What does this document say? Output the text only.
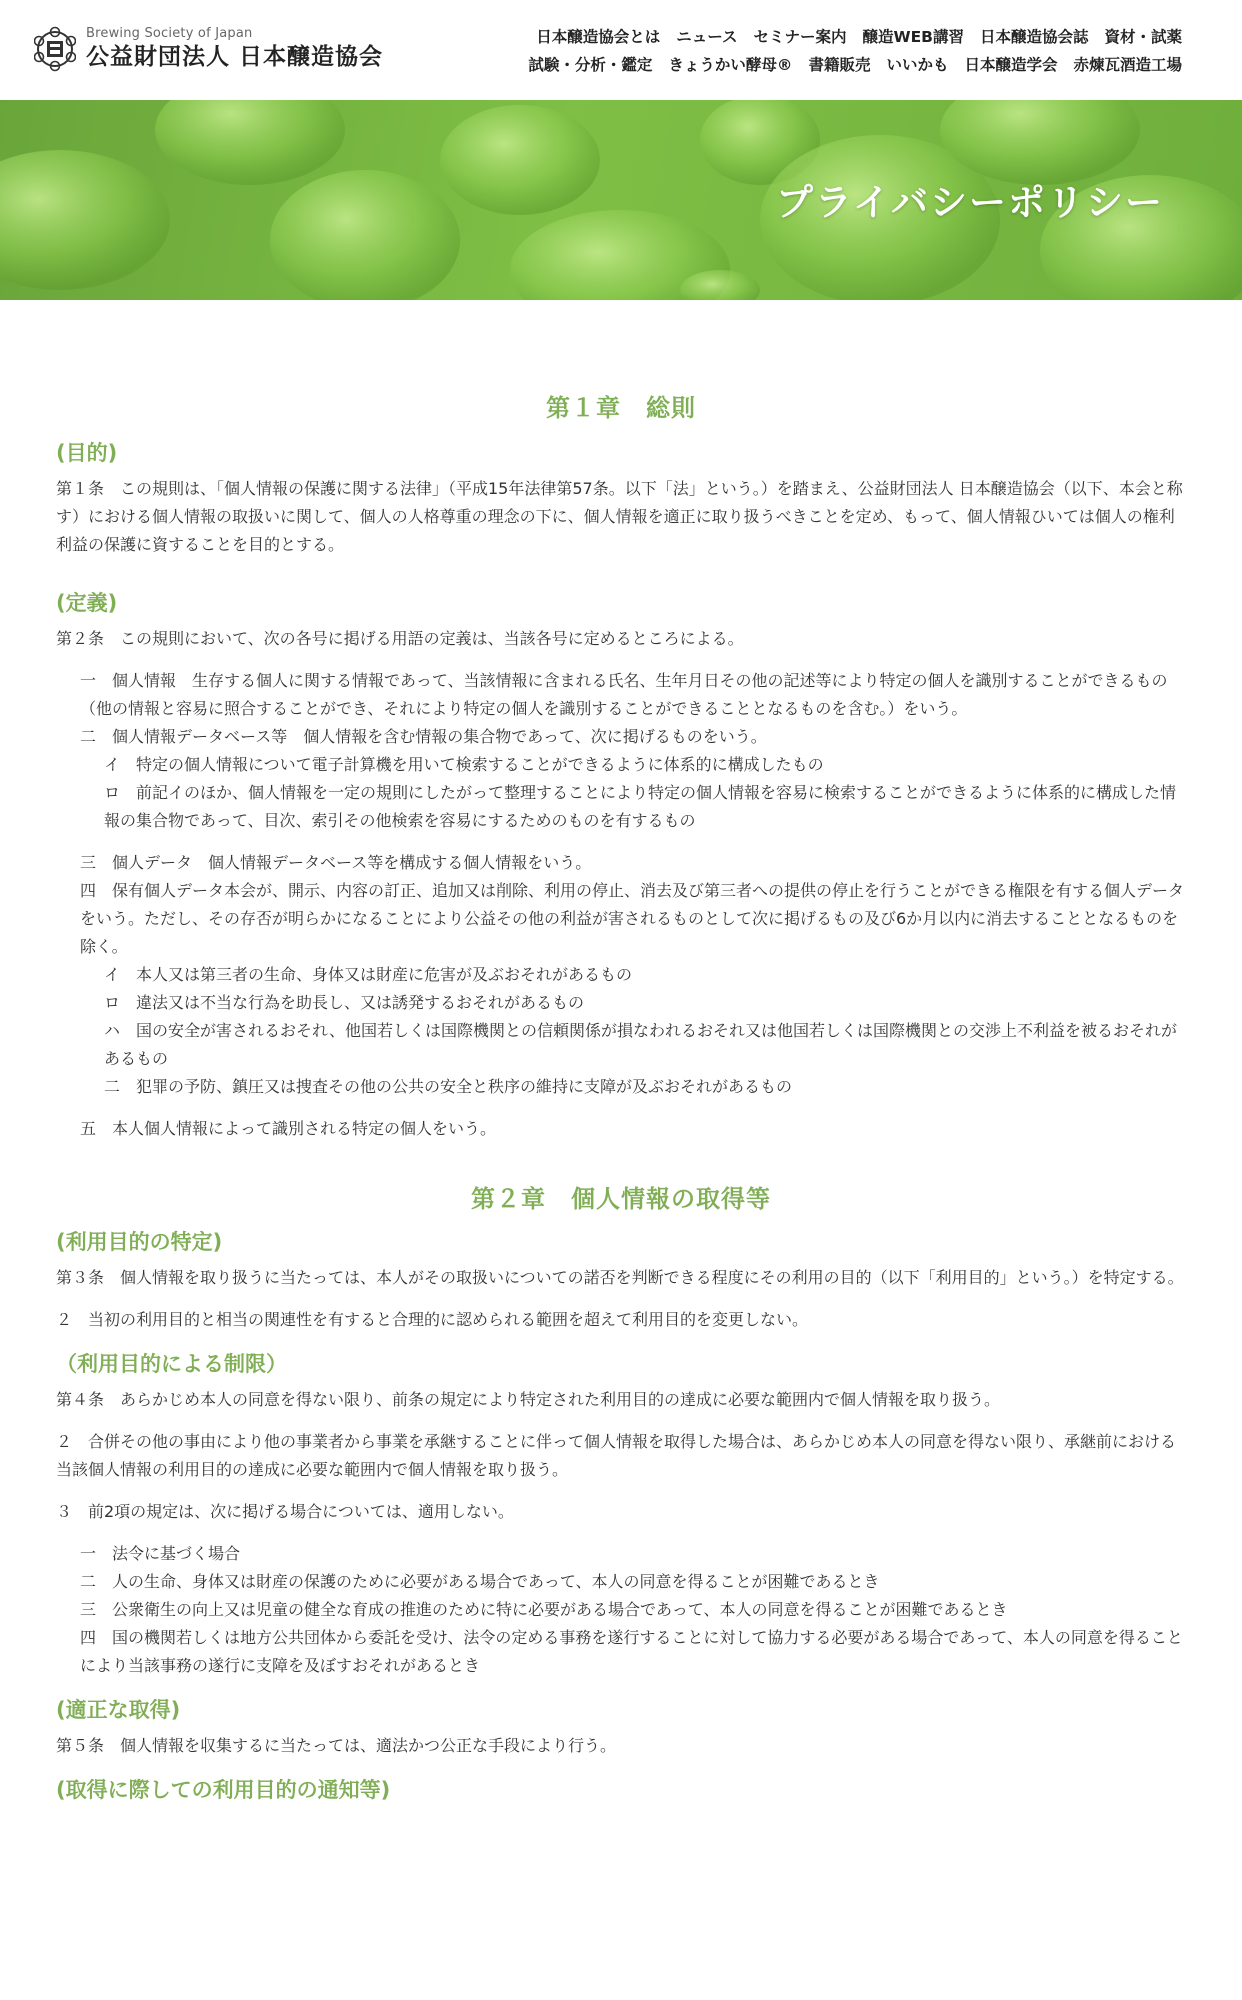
Brewing Society of Japan
公益財団法人 日本醸造協会
日本醸造協会とは ニュース セミナー案内 醸造WEB講習 日本醸造協会誌 資材・試薬
試験・分析・鑑定 きょうかい酵母® 書籍販売 いいかも 日本醸造学会 赤煉瓦酒造工場
プライバシーポリシー
第１章　総則
(目的)

第１条　この規則は、「個人情報の保護に関する法律」（平成15年法律第57条。以下「法」という。）を踏まえ、公益財団法人 日本醸造協会（以下、本会と称す）における個人情報の取扱いに関して、個人の人格尊重の理念の下に、個人情報を適正に取り扱うべきことを定め、もって、個人情報ひいては個人の権利利益の保護に資することを目的とする。

(定義)

第２条　この規則において、次の各号に掲げる用語の定義は、当該各号に定めるところによる。

一　個人情報　生存する個人に関する情報であって、当該情報に含まれる氏名、生年月日その他の記述等により特定の個人を識別することができるもの（他の情報と容易に照合することができ、それにより特定の個人を識別することができることとなるものを含む。）をいう。

二　個人情報データベース等　個人情報を含む情報の集合物であって、次に掲げるものをいう。

イ　特定の個人情報について電子計算機を用いて検索することができるように体系的に構成したもの

ロ　前記イのほか、個人情報を一定の規則にしたがって整理することにより特定の個人情報を容易に検索することができるように体系的に構成した情報の集合物であって、目次、索引その他検索を容易にするためのものを有するもの

三　個人データ　個人情報データベース等を構成する個人情報をいう。

四　保有個人データ本会が、開示、内容の訂正、追加又は削除、利用の停止、消去及び第三者への提供の停止を行うことができる権限を有する個人データをいう。ただし、その存否が明らかになることにより公益その他の利益が害されるものとして次に掲げるもの及び6か月以内に消去することとなるものを除く。

イ　本人又は第三者の生命、身体又は財産に危害が及ぶおそれがあるもの

ロ　違法又は不当な行為を助長し、又は誘発するおそれがあるもの

ハ　国の安全が害されるおそれ、他国若しくは国際機関との信頼関係が損なわれるおそれ又は他国若しくは国際機関との交渉上不利益を被るおそれがあるもの

二　犯罪の予防、鎮圧又は捜査その他の公共の安全と秩序の維持に支障が及ぶおそれがあるもの

五　本人個人情報によって識別される特定の個人をいう。

第２章　個人情報の取得等
(利用目的の特定)

第３条　個人情報を取り扱うに当たっては、本人がその取扱いについての諾否を判断できる程度にその利用の目的（以下「利用目的」という。）を特定する。

２　当初の利用目的と相当の関連性を有すると合理的に認められる範囲を超えて利用目的を変更しない。

（利用目的による制限）

第４条　あらかじめ本人の同意を得ない限り、前条の規定により特定された利用目的の達成に必要な範囲内で個人情報を取り扱う。

２　合併その他の事由により他の事業者から事業を承継することに伴って個人情報を取得した場合は、あらかじめ本人の同意を得ない限り、承継前における当該個人情報の利用目的の達成に必要な範囲内で個人情報を取り扱う。

３　前2項の規定は、次に掲げる場合については、適用しない。

一　法令に基づく場合

二　人の生命、身体又は財産の保護のために必要がある場合であって、本人の同意を得ることが困難であるとき

三　公衆衛生の向上又は児童の健全な育成の推進のために特に必要がある場合であって、本人の同意を得ることが困難であるとき

四　国の機関若しくは地方公共団体から委託を受け、法令の定める事務を遂行することに対して協力する必要がある場合であって、本人の同意を得ることにより当該事務の遂行に支障を及ぼすおそれがあるとき

(適正な取得)

第５条　個人情報を収集するに当たっては、適法かつ公正な手段により行う。

(取得に際しての利用目的の通知等)
